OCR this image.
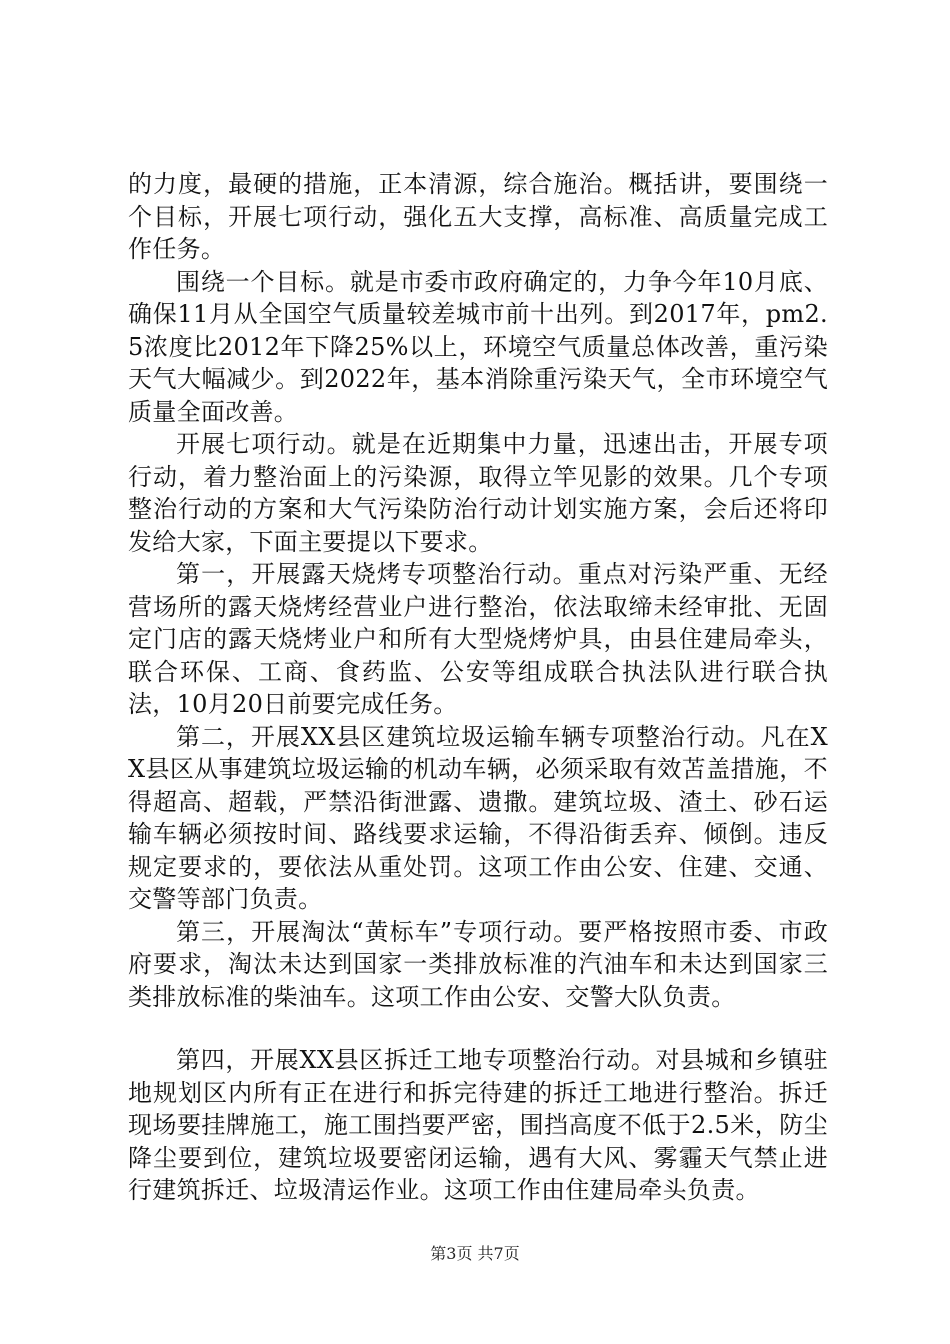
的力度，最硬的措施，正本清源，综合施治。概括讲，要围绕一个目标，开展七项行动，强化五大支撑，高标准、高质量完成工作任务。

围绕一个目标。就是市委市政府确定的，力争今年10月底、确保11月从全国空气质量较差城市前十出列。到2017年，pm2.5浓度比2012年下降25%以上，环境空气质量总体改善，重污染天气大幅减少。到2022年，基本消除重污染天气，全市环境空气质量全面改善。

开展七项行动。就是在近期集中力量，迅速出击，开展专项行动，着力整治面上的污染源，取得立竿见影的效果。几个专项整治行动的方案和大气污染防治行动计划实施方案，会后还将印发给大家，下面主要提以下要求。

第一，开展露天烧烤专项整治行动。重点对污染严重、无经营场所的露天烧烤经营业户进行整治，依法取缔未经审批、无固定门店的露天烧烤业户和所有大型烧烤炉具，由县住建局牵头，联合环保、工商、食药监、公安等组成联合执法队进行联合执法，10月20日前要完成任务。

第二，开展XX县区建筑垃圾运输车辆专项整治行动。凡在XX县区从事建筑垃圾运输的机动车辆，必须采取有效苫盖措施，不得超高、超载，严禁沿街泄露、遗撒。建筑垃圾、渣土、砂石运输车辆必须按时间、路线要求运输，不得沿街丢弃、倾倒。违反规定要求的，要依法从重处罚。这项工作由公安、住建、交通、交警等部门负责。

第三，开展淘汰“黄标车”专项行动。要严格按照市委、市政府要求，淘汰未达到国家一类排放标准的汽油车和未达到国家三类排放标准的柴油车。这项工作由公安、交警大队负责。

第四，开展XX县区拆迁工地专项整治行动。对县城和乡镇驻地规划区内所有正在进行和拆完待建的拆迁工地进行整治。拆迁现场要挂牌施工，施工围挡要严密，围挡高度不低于2.5米，防尘降尘要到位，建筑垃圾要密闭运输，遇有大风、雾霾天气禁止进行建筑拆迁、垃圾清运作业。这项工作由住建局牵头负责。

第3页 共7页
